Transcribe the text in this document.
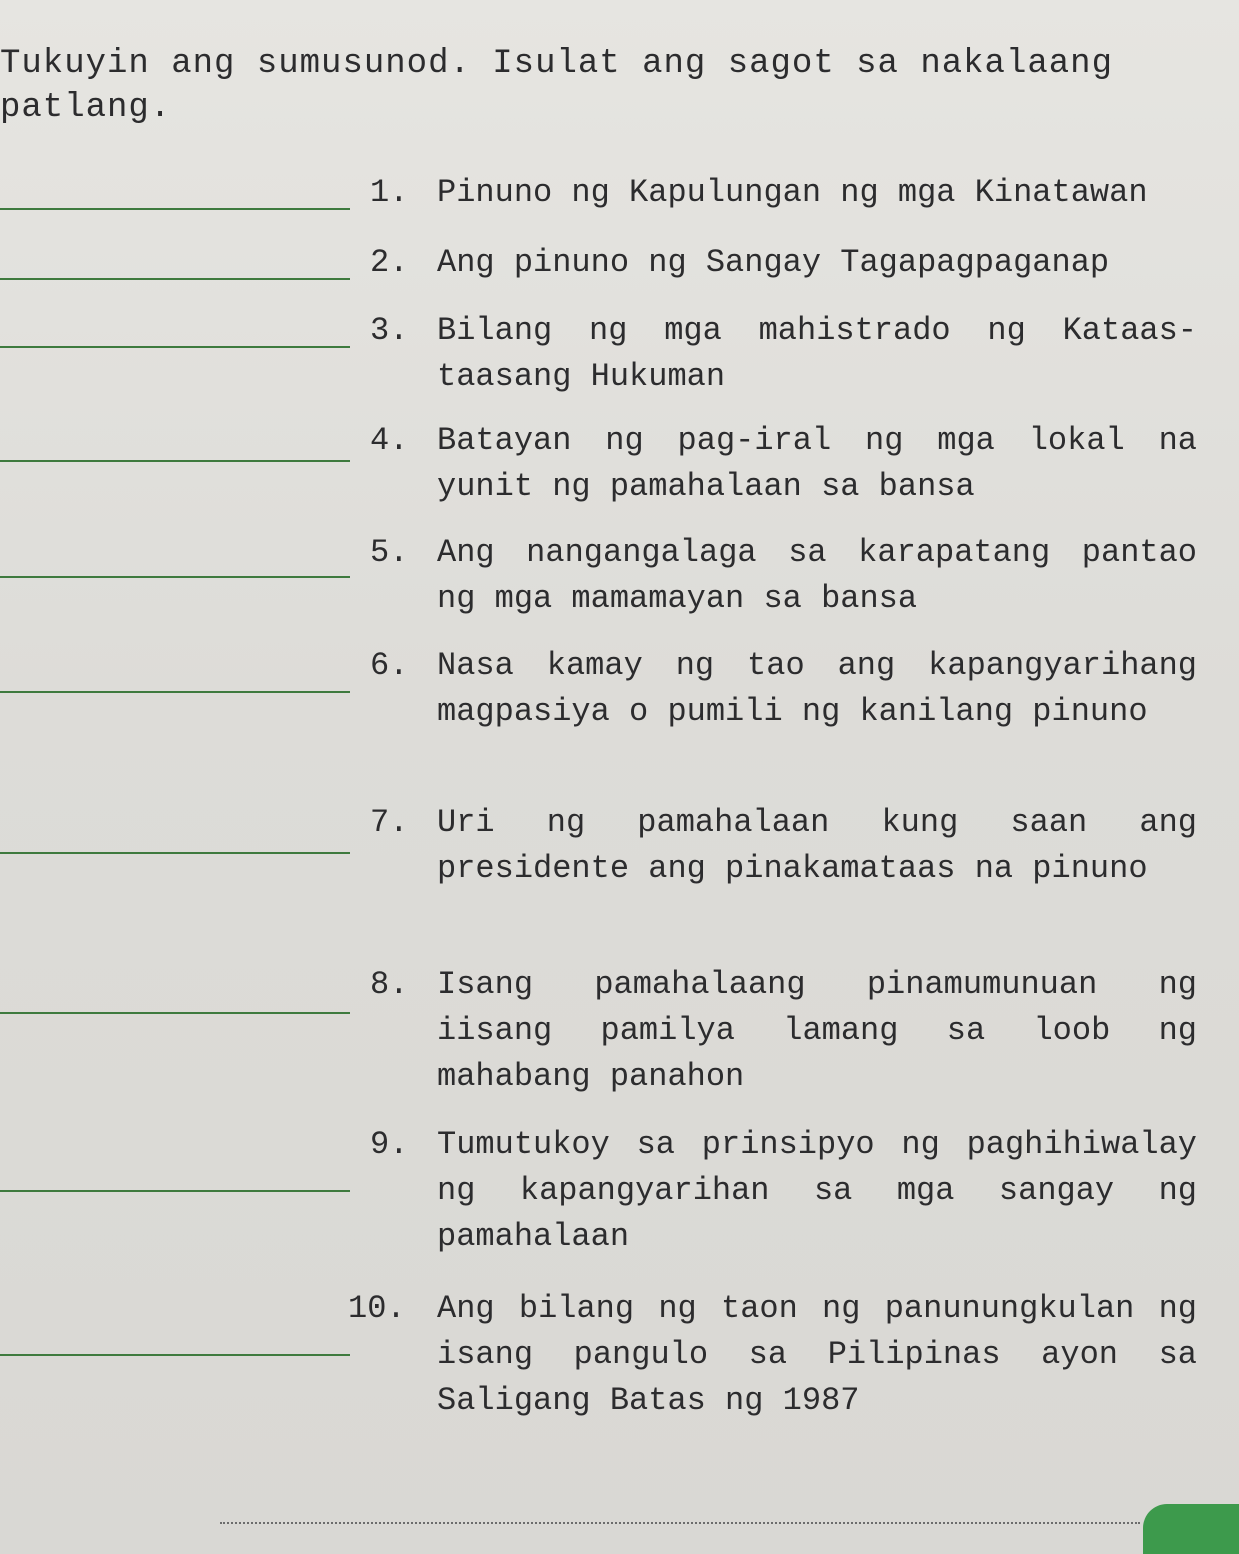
Tukuyin ang sumusunod. Isulat ang sagot sa nakalaang patlang.

1. Pinuno ng Kapulungan ng mga Kinatawan

2. Ang pinuno ng Sangay Tagapagpaganap

3. Bilang ng mga mahistrado ng Kataas-taasang Hukuman

4. Batayan ng pag-iral ng mga lokal na yunit ng pamahalaan sa bansa

5. Ang nangangalaga sa karapatang pantao ng mga mamamayan sa bansa

6. Nasa kamay ng tao ang kapangyarihang magpasiya o pumili ng kanilang pinuno

7. Uri ng pamahalaan kung saan ang presidente ang pinakamataas na pinuno

8. Isang pamahalaang pinamumunuan ng iisang pamilya lamang sa loob ng mahabang panahon

9. Tumutukoy sa prinsipyo ng paghihiwalay ng kapangyarihan sa mga sangay ng pamahalaan

10. Ang bilang ng taon ng panunungkulan ng isang pangulo sa Pilipinas ayon sa Saligang Batas ng 1987
